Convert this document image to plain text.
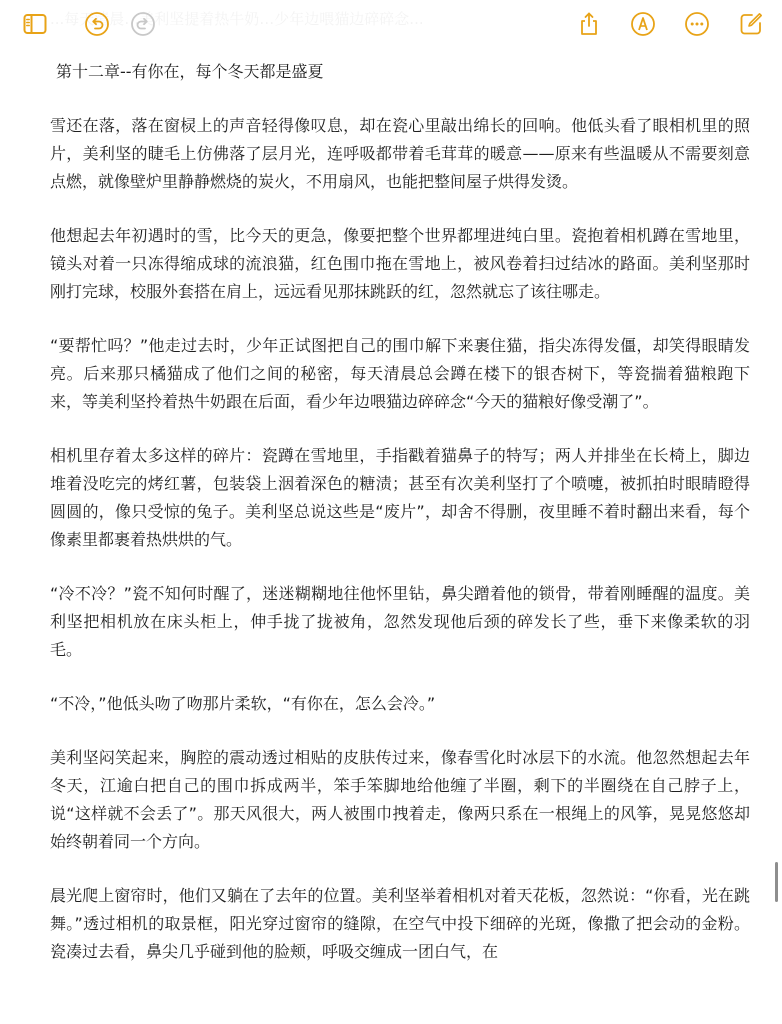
第十二章--有你在，每个冬天都是盛夏

雪还在落，落在窗棂上的声音轻得像叹息，却在瓷心里敲出绵长的回响。他低头看了眼相机里的照片，美利坚的睫毛上仿佛落了层月光，连呼吸都带着毛茸茸的暖意——原来有些温暖从不需要刻意点燃，就像壁炉里静静燃烧的炭火，不用扇风，也能把整间屋子烘得发烫。

他想起去年初遇时的雪，比今天的更急，像要把整个世界都埋进纯白里。瓷抱着相机蹲在雪地里，镜头对着一只冻得缩成球的流浪猫，红色围巾拖在雪地上，被风卷着扫过结冰的路面。美利坚那时刚打完球，校服外套搭在肩上，远远看见那抹跳跃的红，忽然就忘了该往哪走。

“要帮忙吗？”他走过去时，少年正试图把自己的围巾解下来裹住猫，指尖冻得发僵，却笑得眼睛发亮。后来那只橘猫成了他们之间的秘密，每天清晨总会蹲在楼下的银杏树下，等瓷揣着猫粮跑下来，等美利坚拎着热牛奶跟在后面，看少年边喂猫边碎碎念“今天的猫粮好像受潮了”。

相机里存着太多这样的碎片：瓷蹲在雪地里，手指戳着猫鼻子的特写；两人并排坐在长椅上，脚边堆着没吃完的烤红薯，包装袋上洇着深色的糖渍；甚至有次美利坚打了个喷嚏，被抓拍时眼睛瞪得圆圆的，像只受惊的兔子。美利坚总说这些是“废片”，却舍不得删，夜里睡不着时翻出来看，每个像素里都裹着热烘烘的气。

“冷不冷？”瓷不知何时醒了，迷迷糊糊地往他怀里钻，鼻尖蹭着他的锁骨，带着刚睡醒的温度。美利坚把相机放在床头柜上，伸手拢了拢被角，忽然发现他后颈的碎发长了些，垂下来像柔软的羽毛。

“不冷，”他低头吻了吻那片柔软，“有你在，怎么会冷。”

美利坚闷笑起来，胸腔的震动透过相贴的皮肤传过来，像春雪化时冰层下的水流。他忽然想起去年冬天，江逾白把自己的围巾拆成两半，笨手笨脚地给他缠了半圈，剩下的半圈绕在自己脖子上，说“这样就不会丢了”。那天风很大，两人被围巾拽着走，像两只系在一根绳上的风筝，晃晃悠悠却始终朝着同一个方向。

晨光爬上窗帘时，他们又躺在了去年的位置。美利坚举着相机对着天花板，忽然说：“你看，光在跳舞。”透过相机的取景框，阳光穿过窗帘的缝隙，在空气中投下细碎的光斑，像撒了把会动的金粉。瓷凑过去看，鼻尖几乎碰到他的脸颊，呼吸交缠成一团白气，在
